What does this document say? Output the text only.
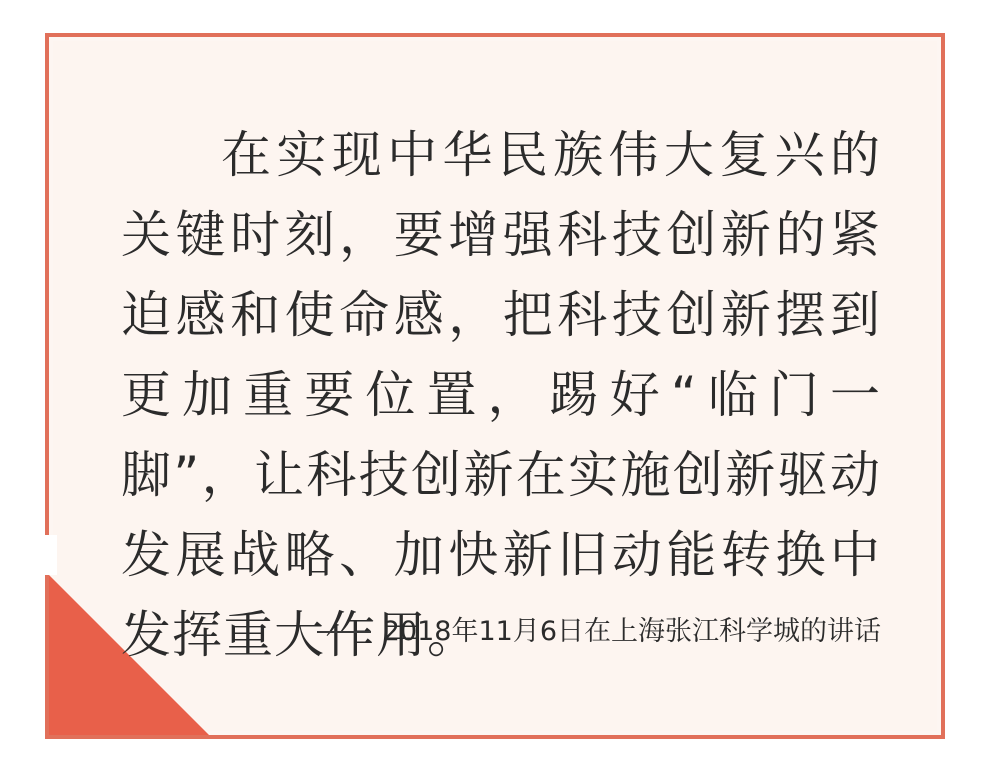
在实现中华民族伟大复兴的关键时刻，要增强科技创新的紧迫感和使命感，把科技创新摆到更加重要位置，踢好“临门一脚”，让科技创新在实施创新驱动发展战略、加快新旧动能转换中发挥重大作用。

2018年11月6日在上海张江科学城的讲话
